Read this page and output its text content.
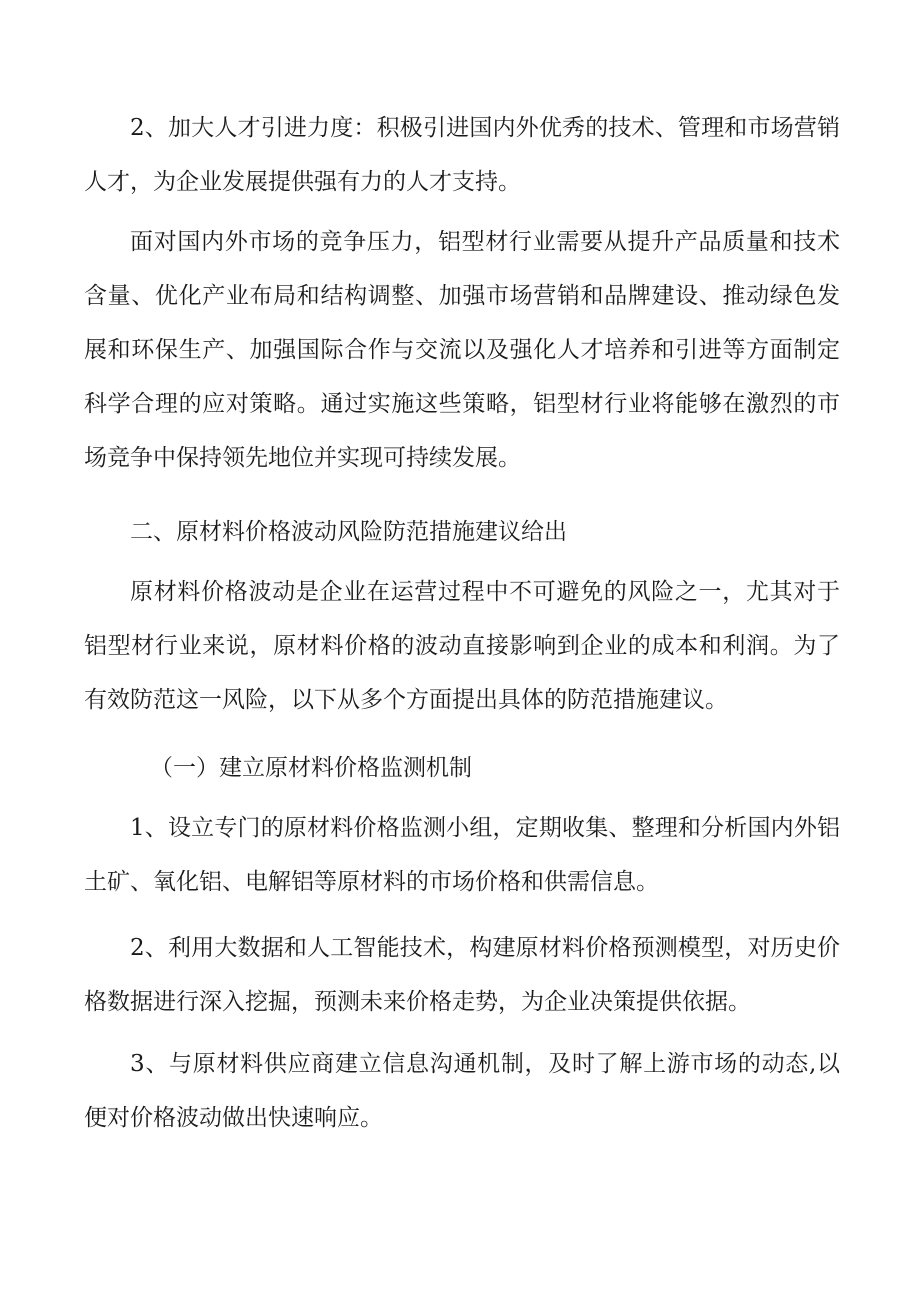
2、加大人才引进力度：积极引进国内外优秀的技术、管理和市场营销人才，为企业发展提供强有力的人才支持。

面对国内外市场的竞争压力，铝型材行业需要从提升产品质量和技术含量、优化产业布局和结构调整、加强市场营销和品牌建设、推动绿色发展和环保生产、加强国际合作与交流以及强化人才培养和引进等方面制定科学合理的应对策略。通过实施这些策略，铝型材行业将能够在激烈的市场竞争中保持领先地位并实现可持续发展。

二、原材料价格波动风险防范措施建议给出

原材料价格波动是企业在运营过程中不可避免的风险之一，尤其对于铝型材行业来说，原材料价格的波动直接影响到企业的成本和利润。为了有效防范这一风险，以下从多个方面提出具体的防范措施建议。

（一）建立原材料价格监测机制

1、设立专门的原材料价格监测小组，定期收集、整理和分析国内外铝土矿、氧化铝、电解铝等原材料的市场价格和供需信息。

2、利用大数据和人工智能技术，构建原材料价格预测模型，对历史价格数据进行深入挖掘，预测未来价格走势，为企业决策提供依据。

3、与原材料供应商建立信息沟通机制，及时了解上游市场的动态,以便对价格波动做出快速响应。
